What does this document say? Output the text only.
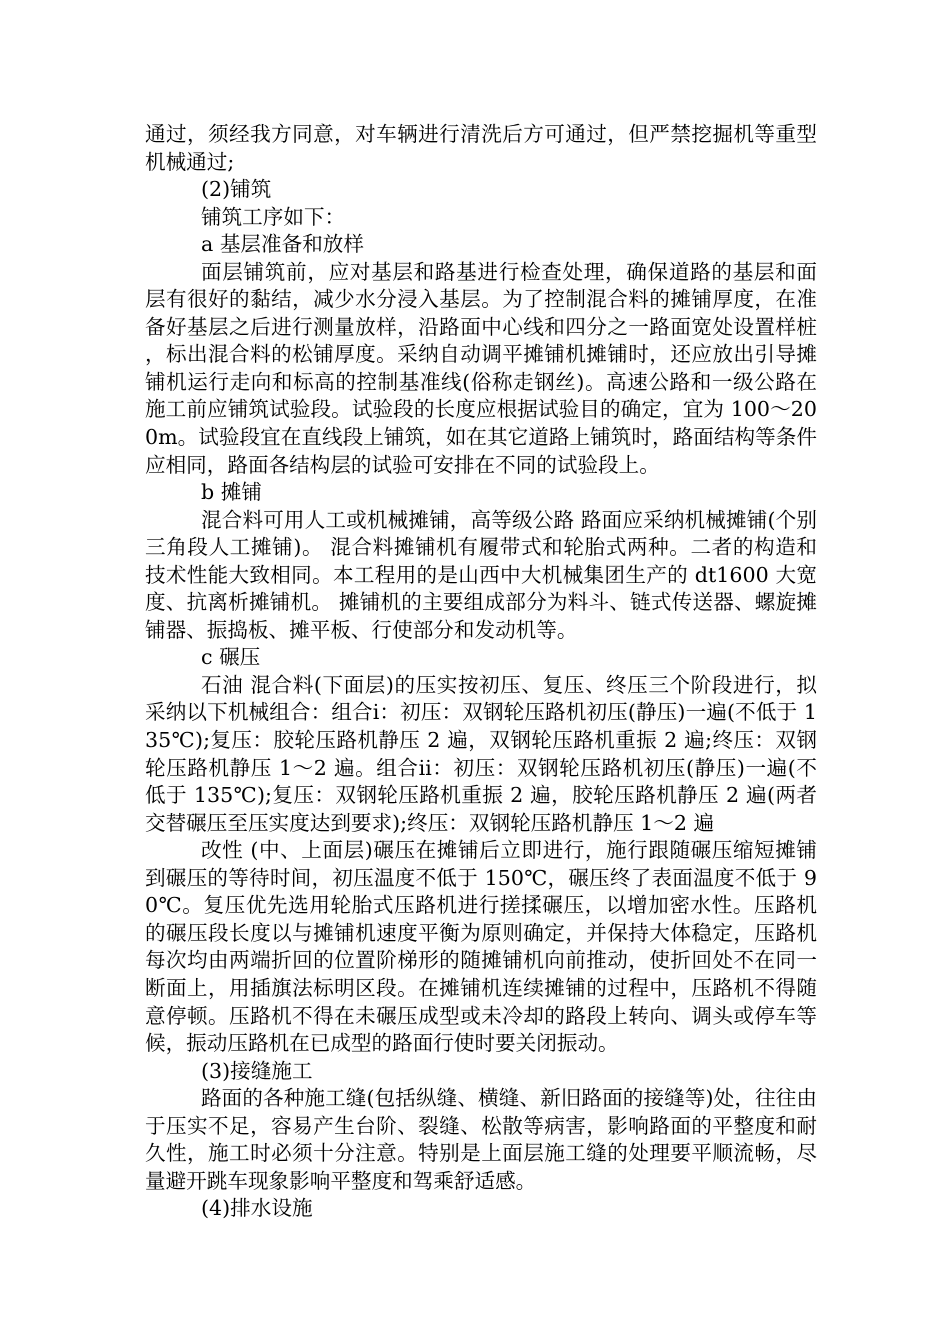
通过，须经我方同意，对车辆进行清洗后方可通过，但严禁挖掘机等重型机械通过;

(2)铺筑

铺筑工序如下：

a 基层准备和放样

面层铺筑前，应对基层和路基进行检查处理，确保道路的基层和面层有很好的黏结，减少水分浸入基层。为了控制混合料的摊铺厚度，在准备好基层之后进行测量放样，沿路面中心线和四分之一路面宽处设置样桩，标出混合料的松铺厚度。采纳自动调平摊铺机摊铺时，还应放出引导摊铺机运行走向和标高的控制基准线(俗称走钢丝)。高速公路和一级公路在施工前应铺筑试验段。试验段的长度应根据试验目的确定，宜为 100～200m。试验段宜在直线段上铺筑，如在其它道路上铺筑时，路面结构等条件应相同，路面各结构层的试验可安排在不同的试验段上。

b 摊铺

混合料可用人工或机械摊铺，高等级公路 路面应采纳机械摊铺(个别三角段人工摊铺)。 混合料摊铺机有履带式和轮胎式两种。二者的构造和技术性能大致相同。本工程用的是山西中大机械集团生产的 dt1600 大宽度、抗离析摊铺机。 摊铺机的主要组成部分为料斗、链式传送器、螺旋摊铺器、振捣板、摊平板、行使部分和发动机等。

c 碾压

石油 混合料(下面层)的压实按初压、复压、终压三个阶段进行，拟采纳以下机械组合：组合ⅰ：初压：双钢轮压路机初压(静压)一遍(不低于 135℃);复压：胶轮压路机静压 2 遍，双钢轮压路机重振 2 遍;终压：双钢轮压路机静压 1～2 遍。组合ⅱ：初压：双钢轮压路机初压(静压)一遍(不低于 135℃);复压：双钢轮压路机重振 2 遍，胶轮压路机静压 2 遍(两者交替碾压至压实度达到要求);终压：双钢轮压路机静压 1～2 遍

改性 (中、上面层)碾压在摊铺后立即进行，施行跟随碾压缩短摊铺到碾压的等待时间，初压温度不低于 150℃，碾压终了表面温度不低于 90℃。复压优先选用轮胎式压路机进行搓揉碾压，以增加密水性。压路机的碾压段长度以与摊铺机速度平衡为原则确定，并保持大体稳定，压路机每次均由两端折回的位置阶梯形的随摊铺机向前推动，使折回处不在同一断面上，用插旗法标明区段。在摊铺机连续摊铺的过程中，压路机不得随意停顿。压路机不得在未碾压成型或未冷却的路段上转向、调头或停车等候，振动压路机在已成型的路面行使时要关闭振动。

(3)接缝施工

路面的各种施工缝(包括纵缝、横缝、新旧路面的接缝等)处，往往由于压实不足，容易产生台阶、裂缝、松散等病害，影响路面的平整度和耐久性，施工时必须十分注意。特别是上面层施工缝的处理要平顺流畅，尽量避开跳车现象影响平整度和驾乘舒适感。

(4)排水设施
